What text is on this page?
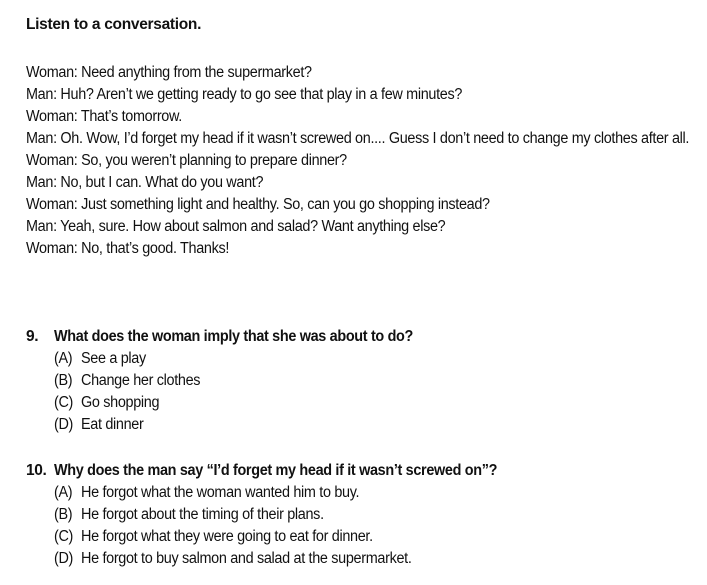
Listen to a conversation.
Woman: Need anything from the supermarket?
Man: Huh? Aren’t we getting ready to go see that play in a few minutes?
Woman: That’s tomorrow.
Man: Oh. Wow, I’d forget my head if it wasn’t screwed on.... Guess I don’t need to change my clothes after all.
Woman: So, you weren’t planning to prepare dinner?
Man: No, but I can. What do you want?
Woman: Just something light and healthy. So, can you go shopping instead?
Man: Yeah, sure. How about salmon and salad? Want anything else?
Woman: No, that’s good. Thanks!
9.	What does the woman imply that she was about to do?
(A) See a play
(B) Change her clothes
(C) Go shopping
(D) Eat dinner
10. Why does the man say “I’d forget my head if it wasn’t screwed on”?
(A) He forgot what the woman wanted him to buy.
(B) He forgot about the timing of their plans.
(C) He forgot what they were going to eat for dinner.
(D) He forgot to buy salmon and salad at the supermarket.
